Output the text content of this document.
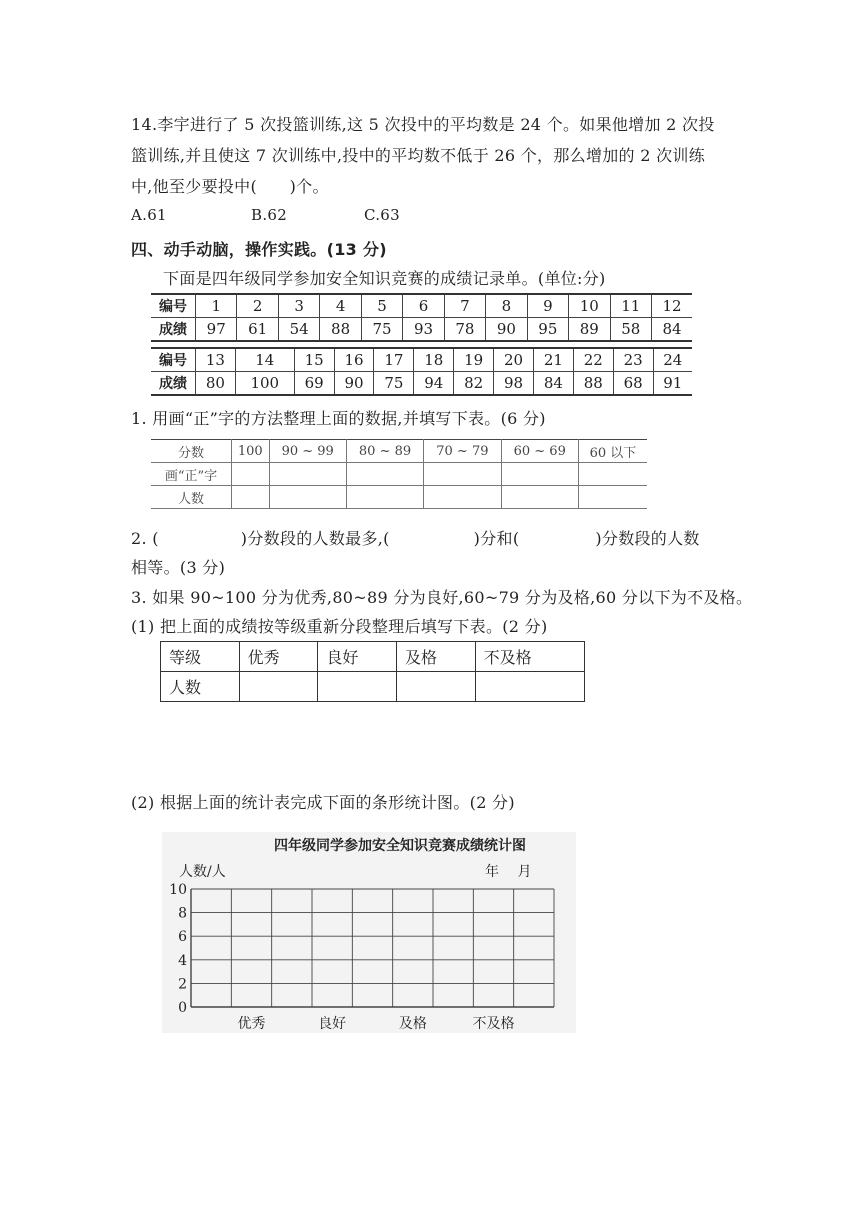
14.李宇进行了 5 次投篮训练,这 5 次投中的平均数是 24 个。如果他增加 2 次投
篮训练,并且使这 7 次训练中,投中的平均数不低于 26 个，那么增加的 2 次训练
中,他至少要投中(　　)个。
A.61	B.62	C.63
四、动手动脑，操作实践。(13 分)
下面是四年级同学参加安全知识竞赛的成绩记录单。(单位:分)
编号	1	2	3	4	5	6	7	8	9	10	11	12
成绩	97	61	54	88	75	93	78	90	95	89	58	84
编号	13	14	15	16	17	18	19	20	21	22	23	24
成绩	80	100	69	90	75	94	82	98	84	88	68	91
1. 用画“正”字的方法整理上面的数据,并填写下表。(6 分)
分数	100	90 ~ 99	80 ~ 89	70 ~ 79	60 ~ 69	60 以下
画“正”字						
人数						
2. (	)分数段的人数最多,(	)分和(	)分数段的人数
相等。(3 分)
3. 如果 90~100 分为优秀,80~89 分为良好,60~79 分为及格,60 分以下为不及格。
(1) 把上面的成绩按等级重新分段整理后填写下表。(2 分)
等级	优秀	良好	及格	不及格
人数				
(2) 根据上面的统计表完成下面的条形统计图。(2 分)
四年级同学参加安全知识竞赛成绩统计图
人数/人	年　 月
0
2
4
6
8
10
优秀	良好	及格	不及格
